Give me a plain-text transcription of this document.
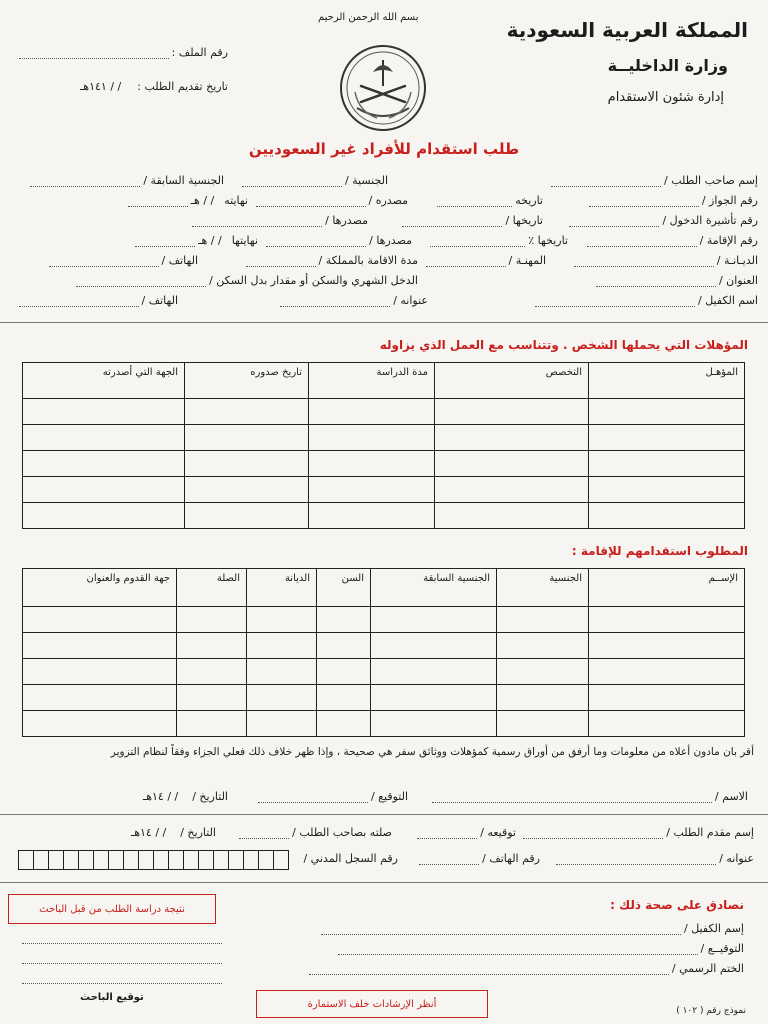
بسم الله الرحمن الرحيم
المملكة العربية السعودية
وزارة الداخليــة
إدارة شئون الاستقدام
رقم الملف :
تاريخ تقديم الطلب :
/ / ١٤١هـ
طلب استقدام للأفراد غير السعوديين
إسم صاحب الطلب /
الجنسية /
الجنسية السابقة /
رقم الجواز /
تاريخه
مصدره /
نهايته
/ / هـ
رقم تأشيرة الدخول /
تاريخها /
مصدرها /
رقم الإقامة /
تاريخها ٪
مصدرها /
نهايتها
/ / هـ
الديـانـة /
المهنـة /
مدة الاقامة بالمملكة /
الهاتف /
العنوان /
الدخل الشهري والسكن أو مقدار بدل السكن /
اسم الكفيل /
عنوانه /
الهاتف /
المؤهلات التي يحملها الشخص . وتتناسب مع العمل الذي يزاوله
المؤهـل	التخصص	مدة الدراسة	تاريخ صدوره	الجهة التي أصدرته

المطلوب استقدامهم للإقامة :
الإســم	الجنسية	الجنسية السابقة	السن	الديانة	الصلة	جهة القدوم والعنوان

أقر بان مادون أعلاه من معلومات وما أرفق من أوراق رسمية كمؤهلات ووثائق سفر هي صحيحة ، وإذا ظهر خلاف ذلك فعلي الجزاء وفقاً لنظام التزوير
الاسم /
التوقيع /
التاريخ /
/ / ١٤هـ
إسم مقدم الطلب /
توقيعه /
صلته بصاحب الطلب /
التاريخ /
/ / ١٤هـ
عنوانه /
رقم الهاتف /
رقم السجل المدني /
نصادق على صحة ذلك :
إسم الكفيل /
التوقيــع /
الختم الرسمي /
نتيجة دراسة الطلب من قبل الباحث
توقيع الباحث
أنظر الإرشادات خلف الاستمارة
نموذج رقم ( ١٠٢ )
